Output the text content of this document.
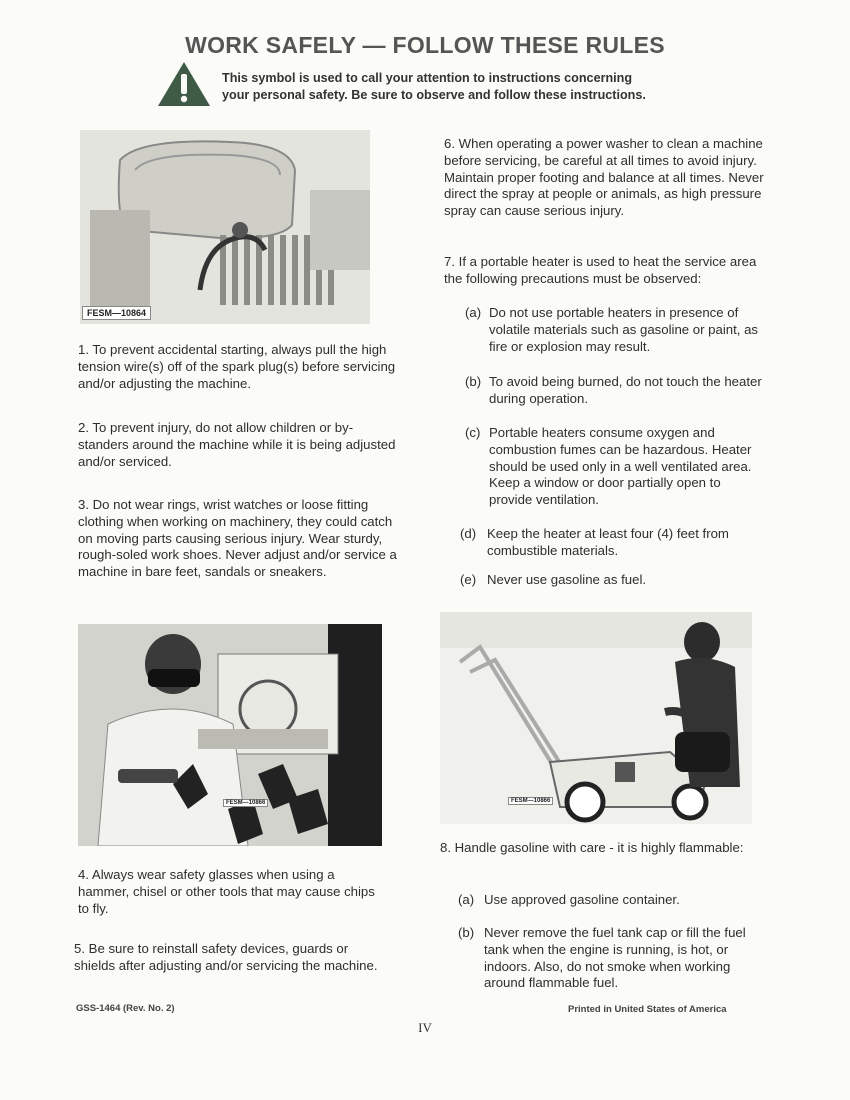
WORK SAFELY — FOLLOW THESE RULES
This symbol is used to call your attention to instructions concerning
your personal safety. Be sure to observe and follow these instructions.
FESM—10864
1. To prevent accidental starting, always pull the high tension wire(s) off of the spark plug(s) before servicing and/or adjusting the machine.
2. To prevent injury, do not allow children or by-standers around the machine while it is being adjusted and/or serviced.
3. Do not wear rings, wrist watches or loose fitting clothing when working on machinery, they could catch on moving parts causing serious injury. Wear sturdy, rough-soled work shoes. Never adjust and/or service a machine in bare feet, sandals or sneakers.
FESM—10866
4. Always wear safety glasses when using a hammer, chisel or other tools that may cause chips to fly.
5. Be sure to reinstall safety devices, guards or shields after adjusting and/or servicing the machine.
6. When operating a power washer to clean a machine before servicing, be careful at all times to avoid injury. Maintain proper footing and balance at all times. Never direct the spray at people or animals, as high pressure spray can cause serious injury.
7. If a portable heater is used to heat the service area the following precautions must be observed:
(a) Do not use portable heaters in presence of volatile materials such as gasoline or paint, as fire or explosion may result.
(b) To avoid being burned, do not touch the heater during operation.
(c) Portable heaters consume oxygen and combustion fumes can be hazardous. Heater should be used only in a well ventilated area. Keep a window or door partially open to provide ventilation.
(d) Keep the heater at least four (4) feet from combustible materials.
(e) Never use gasoline as fuel.
FESM—10866
8. Handle gasoline with care - it is highly flammable:
(a) Use approved gasoline container.
(b) Never remove the fuel tank cap or fill the fuel tank when the engine is running, is hot, or indoors. Also, do not smoke when working around flammable fuel.
GSS-1464 (Rev. No. 2)	Printed in United States of America
IV
